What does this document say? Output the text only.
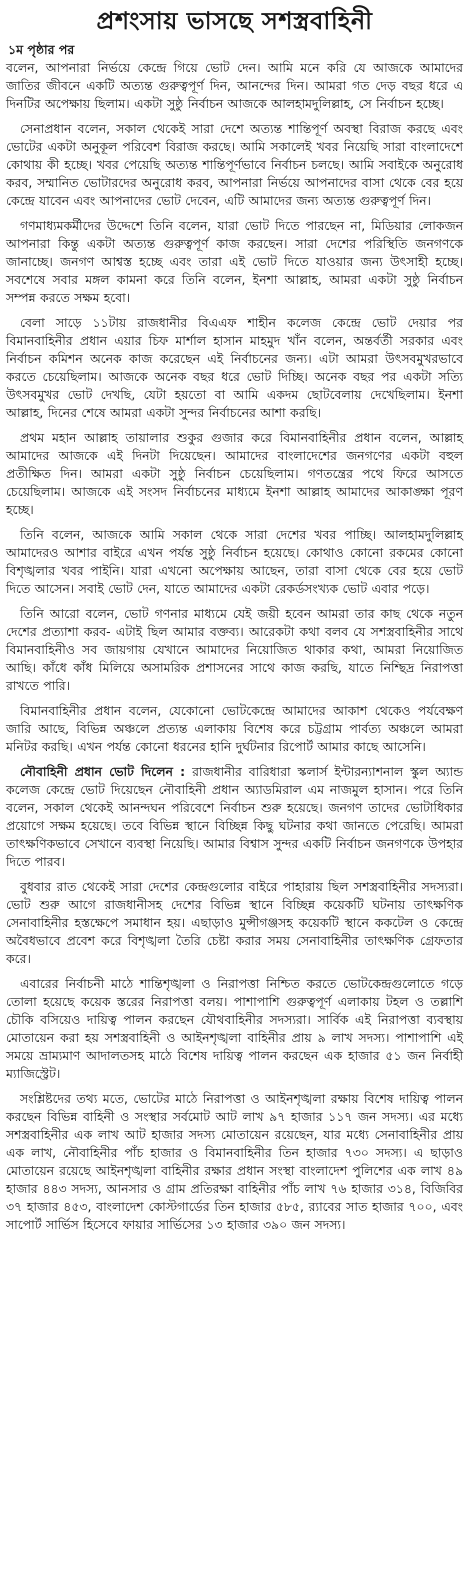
প্রশংসায় ভাসছে সশস্ত্রবাহিনী
১ম পৃষ্ঠার পর

বলেন, আপনারা নির্ভয়ে কেন্দ্রে গিয়ে ভোট দেন। আমি মনে করি যে আজকে আমাদের জাতির জীবনে একটি অত্যন্ত গুরুত্বপূর্ণ দিন, আনন্দের দিন। আমরা গত দেড় বছর ধরে এ দিনটির অপেক্ষায় ছিলাম। একটা সুষ্ঠু নির্বাচন আজকে আলহামদুলিল্লাহ, সে নির্বাচন হচ্ছে।

সেনাপ্রধান বলেন, সকাল থেকেই সারা দেশে অত্যন্ত শান্তিপূর্ণ অবস্থা বিরাজ করছে এবং ভোটের একটা অনুকূল পরিবেশ বিরাজ করছে। আমি সকালেই খবর নিয়েছি সারা বাংলাদেশে কোথায় কী হচ্ছে। খবর পেয়েছি অত্যন্ত শান্তিপূর্ণভাবে নির্বাচন চলছে। আমি সবাইকে অনুরোধ করব, সম্মানিত ভোটারদের অনুরোধ করব, আপনারা নির্ভয়ে আপনাদের বাসা থেকে বের হয়ে কেন্দ্রে যাবেন এবং আপনাদের ভোট দেবেন, এটি আমাদের জন্য অত্যন্ত গুরুত্বপূর্ণ দিন।

গণমাধ্যমকর্মীদের উদ্দেশে তিনি বলেন, যারা ভোট দিতে পারছেন না, মিডিয়ার লোকজন আপনারা কিন্তু একটা অত্যন্ত গুরুত্বপূর্ণ কাজ করছেন। সারা দেশের পরিস্থিতি জনগণকে জানাচ্ছে। জনগণ আশ্বস্ত হচ্ছে এবং তারা এই ভোট দিতে যাওয়ার জন্য উৎসাহী হচ্ছে। সবশেষে সবার মঙ্গল কামনা করে তিনি বলেন, ইনশা আল্লাহ, আমরা একটা সুষ্ঠু নির্বাচন সম্পন্ন করতে সক্ষম হবো।

বেলা সাড়ে ১১টায় রাজধানীর বিএএফ শাহীন কলেজ কেন্দ্রে ভোট দেয়ার পর বিমানবাহিনীর প্রধান এয়ার চিফ মার্শাল হাসান মাহমুদ খাঁন বলেন, অন্তর্বর্তী সরকার এবং নির্বাচন কমিশন অনেক কাজ করেছেন এই নির্বাচনের জন্য। এটা আমরা উৎসবমুখরভাবে করতে চেয়েছিলাম। আজকে অনেক বছর ধরে ভোট দিচ্ছি। অনেক বছর পর একটা সত্যি উৎসবমুখর ভোট দেখছি, যেটা হয়তো বা আমি একদম ছোটবেলায় দেখেছিলাম। ইনশা আল্লাহ, দিনের শেষে আমরা একটা সুন্দর নির্বাচনের আশা করছি।

প্রথম মহান আল্লাহ তায়ালার শুকুর গুজার করে বিমানবাহিনীর প্রধান বলেন, আল্লাহ আমাদের আজকে এই দিনটা দিয়েছেন। আমাদের বাংলাদেশের জনগণের একটা বহুল প্রতীক্ষিত দিন। আমরা একটা সুষ্ঠু নির্বাচন চেয়েছিলাম। গণতন্ত্রের পথে ফিরে আসতে চেয়েছিলাম। আজকে এই সংসদ নির্বাচনের মাধ্যমে ইনশা আল্লাহ আমাদের আকাঙ্ক্ষা পূরণ হচ্ছে।

তিনি বলেন, আজকে আমি সকাল থেকে সারা দেশের খবর পাচ্ছি। আলহামদুলিল্লাহ আমাদেরও আশার বাইরে এখন পর্যন্ত সুষ্ঠু নির্বাচন হয়েছে। কোথাও কোনো রকমের কোনো বিশৃঙ্খলার খবর পাইনি। যারা এখনো অপেক্ষায় আছেন, তারা বাসা থেকে বের হয়ে ভোট দিতে আসেন। সবাই ভোট দেন, যাতে আমাদের একটা রেকর্ডসংখ্যক ভোট এবার পড়ে।

তিনি আরো বলেন, ভোট গণনার মাধ্যমে যেই জয়ী হবেন আমরা তার কাছ থেকে নতুন দেশের প্রত্যাশা করব- এটাই ছিল আমার বক্তব্য। আরেকটা কথা বলব যে সশস্ত্রবাহিনীর সাথে বিমানবাহিনীও সব জায়গায় যেখানে আমাদের নিয়োজিত থাকার কথা, আমরা নিয়োজিত আছি। কাঁধে কাঁধ মিলিয়ে অসামরিক প্রশাসনের সাথে কাজ করছি, যাতে নিশ্ছিদ্র নিরাপত্তা রাখতে পারি।

বিমানবাহিনীর প্রধান বলেন, যেকোনো ভোটকেন্দ্রে আমাদের আকাশ থেকেও পর্যবেক্ষণ জারি আছে, বিভিন্ন অঞ্চলে প্রত্যন্ত এলাকায় বিশেষ করে চট্টগ্রাম পার্বত্য অঞ্চলে আমরা মনিটর করছি। এখন পর্যন্ত কোনো ধরনের হানি দুর্ঘটনার রিপোর্ট আমার কাছে আসেনি।

নৌবাহিনী প্রধান ভোট দিলেন : রাজধানীর বারিধারা স্কলার্স ইন্টারন্যাশনাল স্কুল অ্যান্ড কলেজ কেন্দ্রে ভোট দিয়েছেন নৌবাহিনী প্রধান অ্যাডমিরাল এম নাজমুল হাসান। পরে তিনি বলেন, সকাল থেকেই আনন্দঘন পরিবেশে নির্বাচন শুরু হয়েছে। জনগণ তাদের ভোটাধিকার প্রয়োগে সক্ষম হয়েছে। তবে বিভিন্ন স্থানে বিচ্ছিন্ন কিছু ঘটনার কথা জানতে পেরেছি। আমরা তাৎক্ষণিকভাবে সেখানে ব্যবস্থা নিয়েছি। আমার বিশ্বাস সুন্দর একটি নির্বাচন জনগণকে উপহার দিতে পারব।

বুধবার রাত থেকেই সারা দেশের কেন্দ্রগুলোর বাইরে পাহারায় ছিল সশস্ত্রবাহিনীর সদস্যরা। ভোট শুরু আগে রাজধানীসহ দেশের বিভিন্ন স্থানে বিচ্ছিন্ন কয়েকটি ঘটনায় তাৎক্ষণিক সেনাবাহিনীর হস্তক্ষেপে সমাধান হয়। এছাড়াও মুন্সীগঞ্জসহ কয়েকটি স্থানে ককটেল ও কেন্দ্রে অবৈধভাবে প্রবেশ করে বিশৃঙ্খলা তৈরি চেষ্টা করার সময় সেনাবাহিনীর তাৎক্ষণিক গ্রেফতার করে।

এবারের নির্বাচনী মাঠে শান্তিশৃঙ্খলা ও নিরাপত্তা নিশ্চিত করতে ভোটকেন্দ্রগুলোতে গড়ে তোলা হয়েছে কয়েক স্তরের নিরাপত্তা বলয়। পাশাপাশি গুরুত্বপূর্ণ এলাকায় টহল ও তল্লাশি চৌকি বসিয়েও দায়িত্ব পালন করছেন যৌথবাহিনীর সদস্যরা। সার্বিক এই নিরাপত্তা ব্যবস্থায় মোতায়েন করা হয় সশস্ত্রবাহিনী ও আইনশৃঙ্খলা বাহিনীর প্রায় ৯ লাখ সদস্য। পাশাপাশি এই সময়ে ভ্রাম্যমাণ আদালতসহ মাঠে বিশেষ দায়িত্ব পালন করছেন এক হাজার ৫১ জন নির্বাহী ম্যাজিস্ট্রেট।

সংশ্লিষ্টদের তথ্য মতে, ভোটের মাঠে নিরাপত্তা ও আইনশৃঙ্খলা রক্ষায় বিশেষ দায়িত্ব পালন করছেন বিভিন্ন বাহিনী ও সংস্থার সর্বমোট আট লাখ ৯৭ হাজার ১১৭ জন সদস্য। এর মধ্যে সশস্ত্রবাহিনীর এক লাখ আট হাজার সদস্য মোতায়েন রয়েছেন, যার মধ্যে সেনাবাহিনীর প্রায় এক লাখ, নৌবাহিনীর পাঁচ হাজার ও বিমানবাহিনীর তিন হাজার ৭৩০ সদস্য। এ ছাড়াও মোতায়েন রয়েছে আইনশৃঙ্খলা বাহিনীর রক্ষার প্রধান সংস্থা বাংলাদেশ পুলিশের এক লাখ ৪৯ হাজার ৪৪৩ সদস্য, আনসার ও গ্রাম প্রতিরক্ষা বাহিনীর পাঁচ লাখ ৭৬ হাজার ৩১৪, বিজিবির ৩৭ হাজার ৪৫৩, বাংলাদেশ কোস্টগার্ডের তিন হাজার ৫৮৫, র‍্যাবের সাত হাজার ৭০০, এবং সাপোর্ট সার্ভিস হিসেবে ফায়ার সার্ভিসের ১৩ হাজার ৩৯০ জন সদস্য।
